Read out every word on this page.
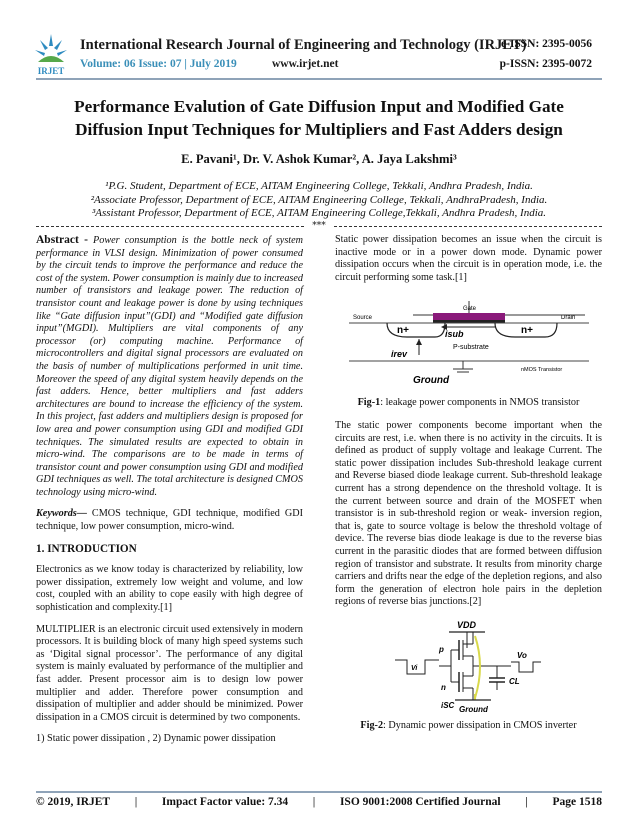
IRJET
International Research Journal of Engineering and Technology (IRJET)
Volume: 06 Issue: 07 | July 2019	www.irjet.net
e-ISSN: 2395-0056
p-ISSN: 2395-0072
Performance Evalution of Gate Diffusion Input and Modified Gate Diffusion Input Techniques for Multipliers and Fast Adders design
E. Pavani¹, Dr. V. Ashok Kumar², A. Jaya Lakshmi³
¹P.G. Student, Department of ECE, AITAM Engineering College, Tekkali, Andhra Pradesh, India.
²Associate Professor, Department of ECE, AITAM Engineering College, Tekkali, AndhraPradesh, India.
³Assistant Professor, Department of ECE, AITAM Engineering College,Tekkali, Andhra Pradesh, India.
***

Abstract - Power consumption is the bottle neck of system performance in VLSI design. Minimization of power consumed by the circuit tends to improve the performance and reduce the cost of the system. Power consumption is mainly due to increased number of transistors and leakage power. The reduction of transistor count and leakage power is done by using techniques like “Gate diffusion input”(GDI) and “Modified gate diffusion input”(MGDI). Multipliers are vital components of any processor (or) computing machine. Performance of microcontrollers and digital signal processors are evaluated on the basis of number of multiplications performed in unit time. Moreover the speed of any digital system heavily depends on the fast adders. Hence, better multipliers and fast adders architectures are bound to increase the efficiency of the system. In this project, fast adders and multipliers design is proposed for low area and power consumption using GDI and modified GDI techniques. The simulated results are expected to obtain in micro-wind. The comparisons are to be made in terms of transistor count and power consumption using GDI and modified GDI techniques as well. The total architecture is designed CMOS technology using micro-wind.

Keywords— CMOS technique, GDI technique, modified GDI technique, low power consumption, micro-wind.

1. INTRODUCTION

Electronics as we know today is characterized by reliability, low power dissipation, extremely low weight and volume, and low cost, coupled with an ability to cope easily with high degree of sophistication and complexity.[1]

MULTIPLIER is an electronic circuit used extensively in modern processors. It is building block of many high speed systems such as ‘Digital signal processor’. The performance of any digital system is mainly evaluated by performance of the multiplier and fast adder. Present processor aim is to design low power multiplier and adder. Therefore power consumption and dissipation of multiplier and adder should be minimized. Power dissipation in a CMOS circuit is determined by two components.

1) Static power dissipation , 2) Dynamic power dissipation

Static power dissipation becomes an issue when the circuit is inactive mode or in a power down mode. Dynamic power dissipation occurs when the circuit is in operation mode, i.e. the circuit performing some task.[1]

Gate
Source	Drain
n+	n+
isub
P-substrate
irev
Ground
nMOS Transistor
Fig-1: leakage power components in NMOS transistor

The static power components become important when the circuits are rest, i.e. when there is no activity in the circuits. It is defined as product of supply voltage and leakage Current. The static power dissipation includes Sub-threshold leakage current and Reverse biased diode leakage current. Sub-threshold leakage current has a strong dependence on the threshold voltage. It is the current between source and drain of the MOSFET when transistor is in sub-threshold region or weak- inversion region, that is, gate to source voltage is below the threshold voltage of device. The reverse bias diode leakage is due to the reverse bias current in the parasitic diodes that are formed between diffusion region of transistor and substrate. It results from minority charge carriers and drifts near the edge of the depletion regions, and also form the generation of electron hole pairs in the depletion regions of reverse bias junctions.[2]

VDD
p
n
Vi
Vo
CL
iSC Ground
Fig-2: Dynamic power dissipation in CMOS inverter
© 2019, IRJET | Impact Factor value: 7.34 | ISO 9001:2008 Certified Journal | Page 1518
